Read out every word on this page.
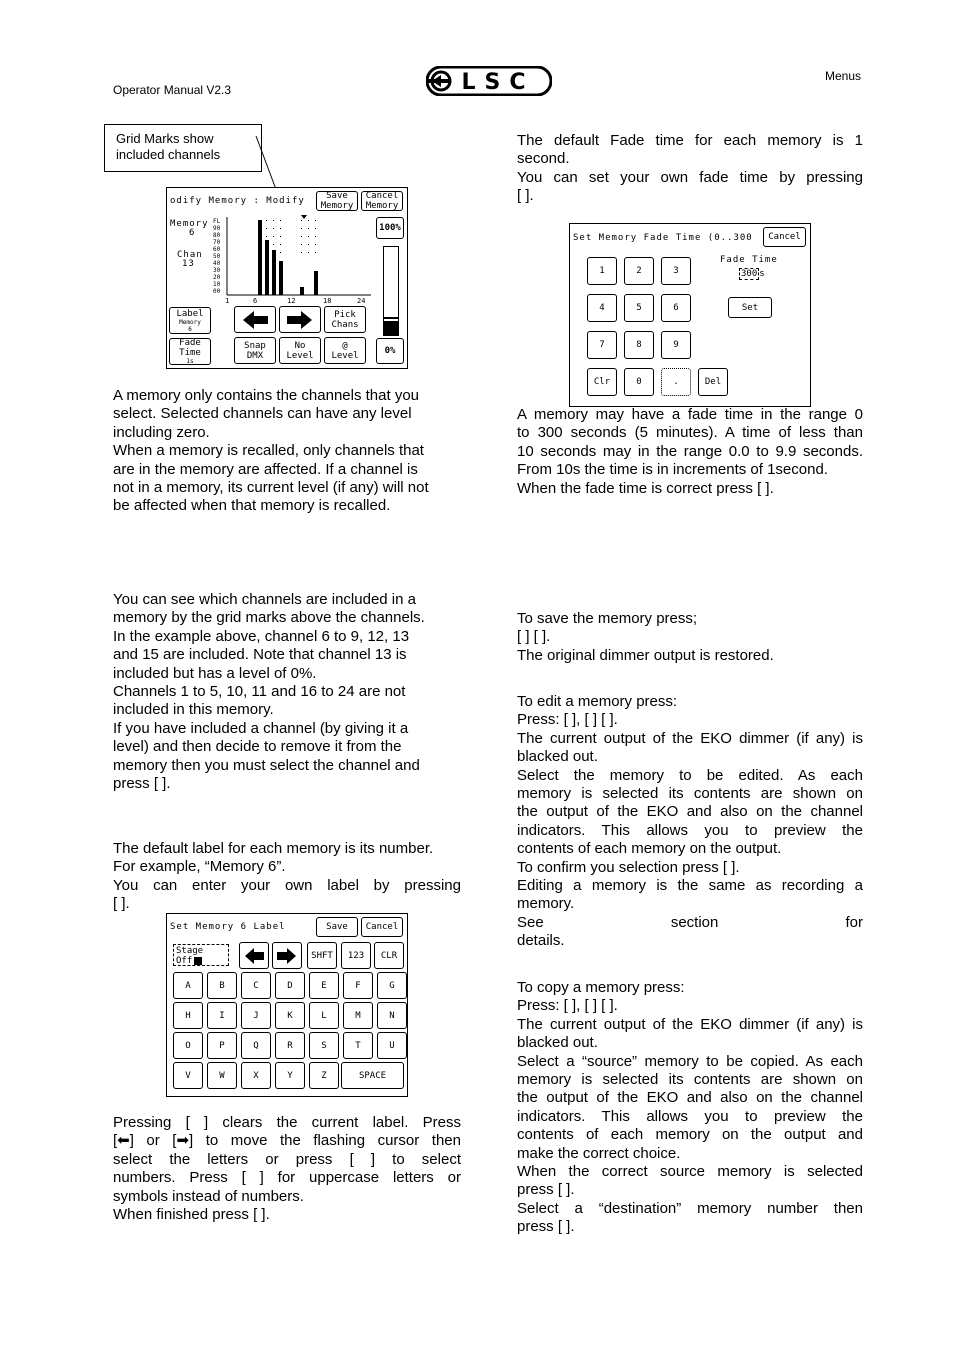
Operator Manual V2.3
Menus
LSC
Grid Marks show
included channels
odify Memory : Modify	Save
Memory
Cancel
Memory
Memory
6
Chan
13
FL
90
80
70
60
50
40
30
20
10
00
1	6	12	18	24
100%
Label
Memory
6
Fade
Time
1s
Pick
Chans
Snap
DMX
No
Level
@
Level	0%
A memory only contains the channels that you
select. Selected channels can have any level
including zero.
When a memory is recalled, only channels that
are in the memory are affected. If a channel is
not in a memory, its current level (if any) will not
be affected when that memory is recalled.
You can see which channels are included in a
memory by the grid marks above the channels.
In the example above, channel 6 to 9, 12, 13
and 15 are included. Note that channel 13 is
included but has a level of 0%.
Channels 1 to 5, 10, 11 and 16 to 24 are not
included in this memory.
If you have included a channel (by giving it a
level) and then decide to remove it from the
memory then you must select the channel and
press [ ].
The default label for each memory is its number.
For example, “Memory 6”.
You can enter your own label by pressing
[ ].
Set Memory 6 Label	Save	Cancel
Stage
Off
SHFT	123	CLR
A	B	C	D	E	F	G
H	I	J	K	L	M	N
O	P	Q	R	S	T	U
V	W	X	Y	Z	SPACE
Pressing [ ] clears the current label. Press
[⬅] or [➡] to move the flashing cursor then
select the letters or press [ ] to select
numbers. Press [ ] for uppercase letters or
symbols instead of numbers.
When finished press [ ].
The default Fade time for each memory is 1
second.
You can set your own fade time by pressing
[ ].
Set Memory Fade Time (0..300	Cancel
1	2	3
4	5	6
7	8	9
Clr	0	.	Del
Fade Time
300 s
Set
A memory may have a fade time in the range 0
to 300 seconds (5 minutes). A time of less than
10 seconds may in the range 0.0 to 9.9 seconds.
From 10s the time is in increments of 1second.
When the fade time is correct press [ ].
To save the memory press;
[ ] [ ].
The original dimmer output is restored.
To edit a memory press:
Press: [ ], [ ] [ ].
The current output of the EKO dimmer (if any) is
blacked out.
Select the memory to be edited. As each
memory is selected its contents are shown on
the output of the EKO and also on the channel
indicators. This allows you to preview the
contents of each memory on the output.
To confirm you selection press [ ].
Editing a memory is the same as recording a
memory.
See section for
details.
To copy a memory press:
Press: [ ], [ ] [ ].
The current output of the EKO dimmer (if any) is
blacked out.
Select a “source” memory to be copied. As each
memory is selected its contents are shown on
the output of the EKO and also on the channel
indicators. This allows you to preview the
contents of each memory on the output and
make the correct choice.
When the correct source memory is selected
press [ ].
Select a “destination” memory number then
press [ ].
